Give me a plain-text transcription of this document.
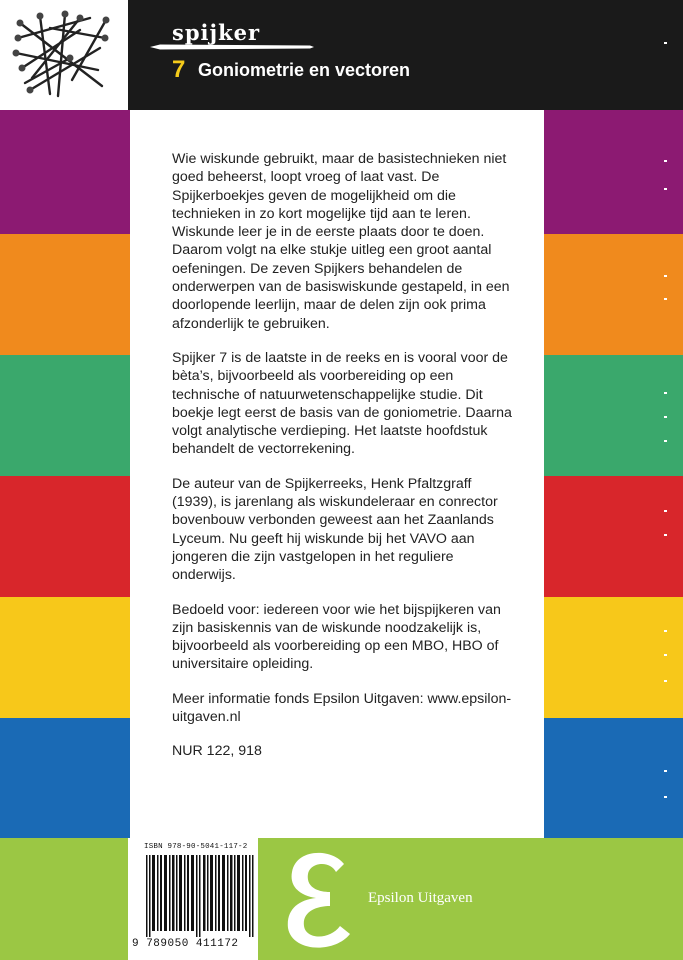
spijker
7 Goniometrie en vectoren

Wie wiskunde gebruikt, maar de basistechnieken niet goed beheerst, loopt vroeg of laat vast. De Spijkerboekjes geven de mogelijkheid om die technieken in zo kort mogelijke tijd aan te leren. Wiskunde leer je in de eerste plaats door te doen. Daarom volgt na elke stukje uitleg een groot aantal oefeningen. De zeven Spijkers behandelen de onderwerpen van de basiswiskunde gestapeld, in een doorlopende leerlijn, maar de delen zijn ook prima afzonderlijk te gebruiken.

Spijker 7 is de laatste in de reeks en is vooral voor de bèta’s, bijvoorbeeld als voorbereiding op een technische of natuurwetenschappelijke studie. Dit boekje legt eerst de basis van de goniometrie. Daarna volgt analytische verdieping. Het laatste hoofdstuk behandelt de vectorrekening.

De auteur van de Spijkerreeks, Henk Pfaltzgraff (1939), is jarenlang als wiskundeleraar en conrector bovenbouw verbonden geweest aan het Zaanlands Lyceum. Nu geeft hij wiskunde bij het VAVO aan jongeren die zijn vastgelopen in het reguliere onderwijs.

Bedoeld voor: iedereen voor wie het bijspijkeren van zijn basiskennis van de wiskunde noodzakelijk is, bijvoorbeeld als voorbereiding op een MBO, HBO of universitaire opleiding.

Meer informatie fonds Epsilon Uitgaven: www.epsilon-uitgaven.nl

NUR 122, 918

ISBN 978-90-5041-117-2
9 789050 411172
Epsilon Uitgaven
